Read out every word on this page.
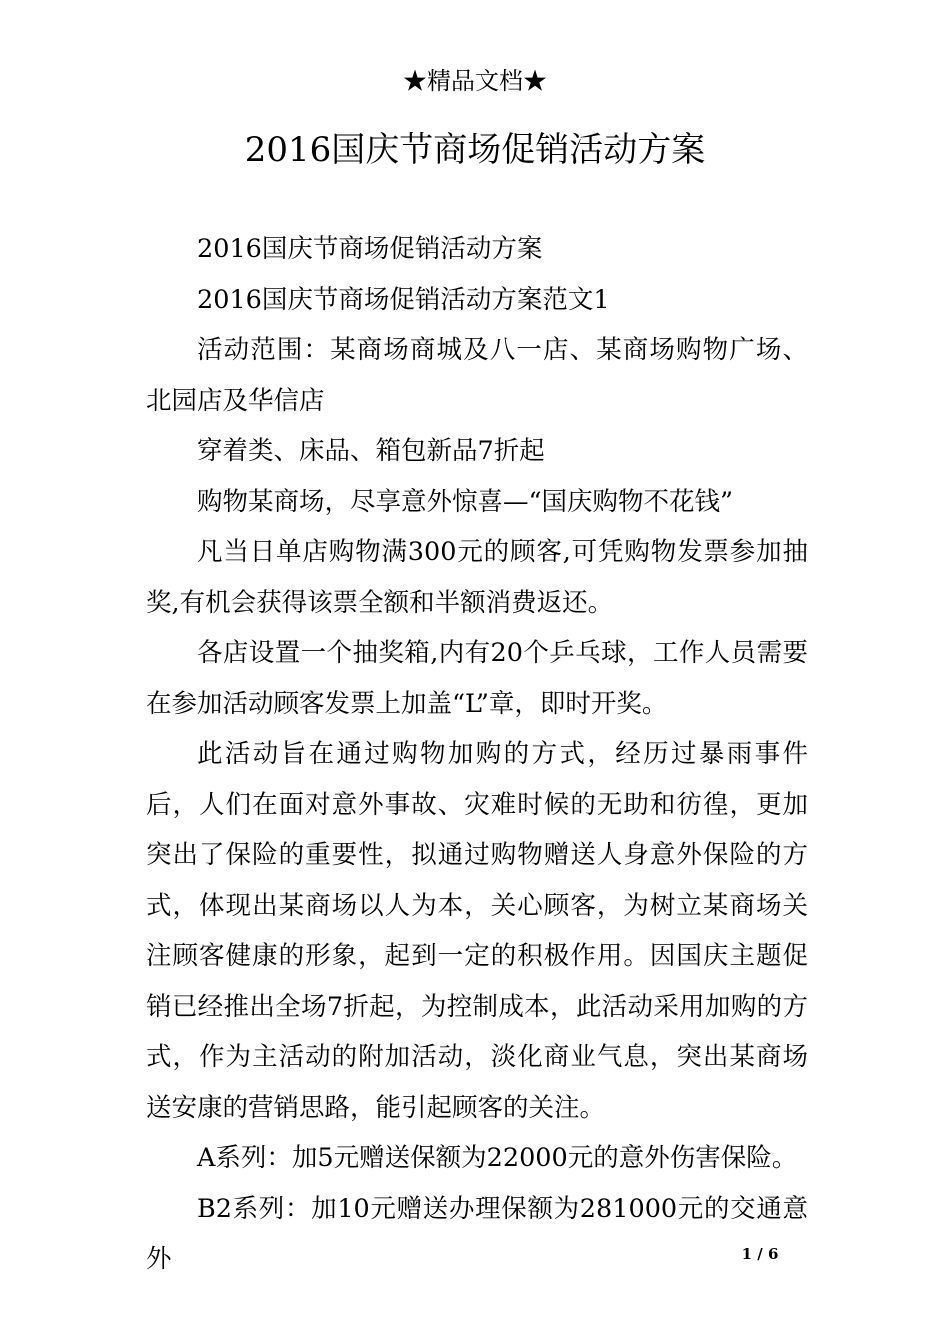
★精品文档★
2016国庆节商场促销活动方案

2016国庆节商场促销活动方案

2016国庆节商场促销活动方案范文1

活动范围：某商场商城及八一店、某商场购物广场、北园店及华信店

穿着类、床品、箱包新品7折起

购物某商场，尽享意外惊喜—“国庆购物不花钱”

凡当日单店购物满300元的顾客,可凭购物发票参加抽奖,有机会获得该票全额和半额消费返还。

各店设置一个抽奖箱,内有20个乒乓球，工作人员需要在参加活动顾客发票上加盖“L”章，即时开奖。

此活动旨在通过购物加购的方式，经历过暴雨事件后，人们在面对意外事故、灾难时候的无助和彷徨，更加突出了保险的重要性，拟通过购物赠送人身意外保险的方式，体现出某商场以人为本，关心顾客，为树立某商场关注顾客健康的形象，起到一定的积极作用。因国庆主题促销已经推出全场7折起，为控制成本，此活动采用加购的方式，作为主活动的附加活动，淡化商业气息，突出某商场送安康的营销思路，能引起顾客的关注。

A系列：加5元赠送保额为22000元的意外伤害保险。

B2系列：加10元赠送办理保额为281000元的交通意外	1 / 6
